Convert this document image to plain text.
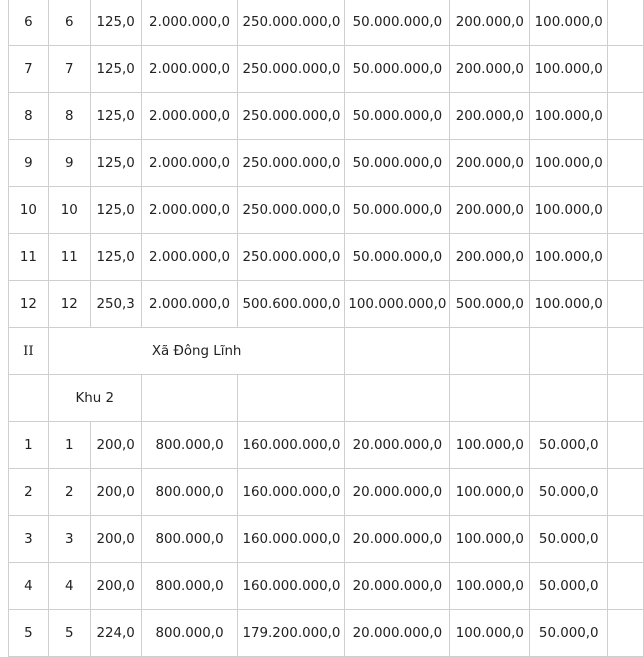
6	6	125,0	2.000.000,0	250.000.000,0	50.000.000,0	200.000,0	100.000,0	
7	7	125,0	2.000.000,0	250.000.000,0	50.000.000,0	200.000,0	100.000,0	
8	8	125,0	2.000.000,0	250.000.000,0	50.000.000,0	200.000,0	100.000,0	
9	9	125,0	2.000.000,0	250.000.000,0	50.000.000,0	200.000,0	100.000,0	
10	10	125,0	2.000.000,0	250.000.000,0	50.000.000,0	200.000,0	100.000,0	
11	11	125,0	2.000.000,0	250.000.000,0	50.000.000,0	200.000,0	100.000,0	
12	12	250,3	2.000.000,0	500.600.000,0	100.000.000,0	500.000,0	100.000,0	
II	Xã Đông Lĩnh							
	Khu 2							
1	1	200,0	800.000,0	160.000.000,0	20.000.000,0	100.000,0	50.000,0	
2	2	200,0	800.000,0	160.000.000,0	20.000.000,0	100.000,0	50.000,0	
3	3	200,0	800.000,0	160.000.000,0	20.000.000,0	100.000,0	50.000,0	
4	4	200,0	800.000,0	160.000.000,0	20.000.000,0	100.000,0	50.000,0	
5	5	224,0	800.000,0	179.200.000,0	20.000.000,0	100.000,0	50.000,0	
